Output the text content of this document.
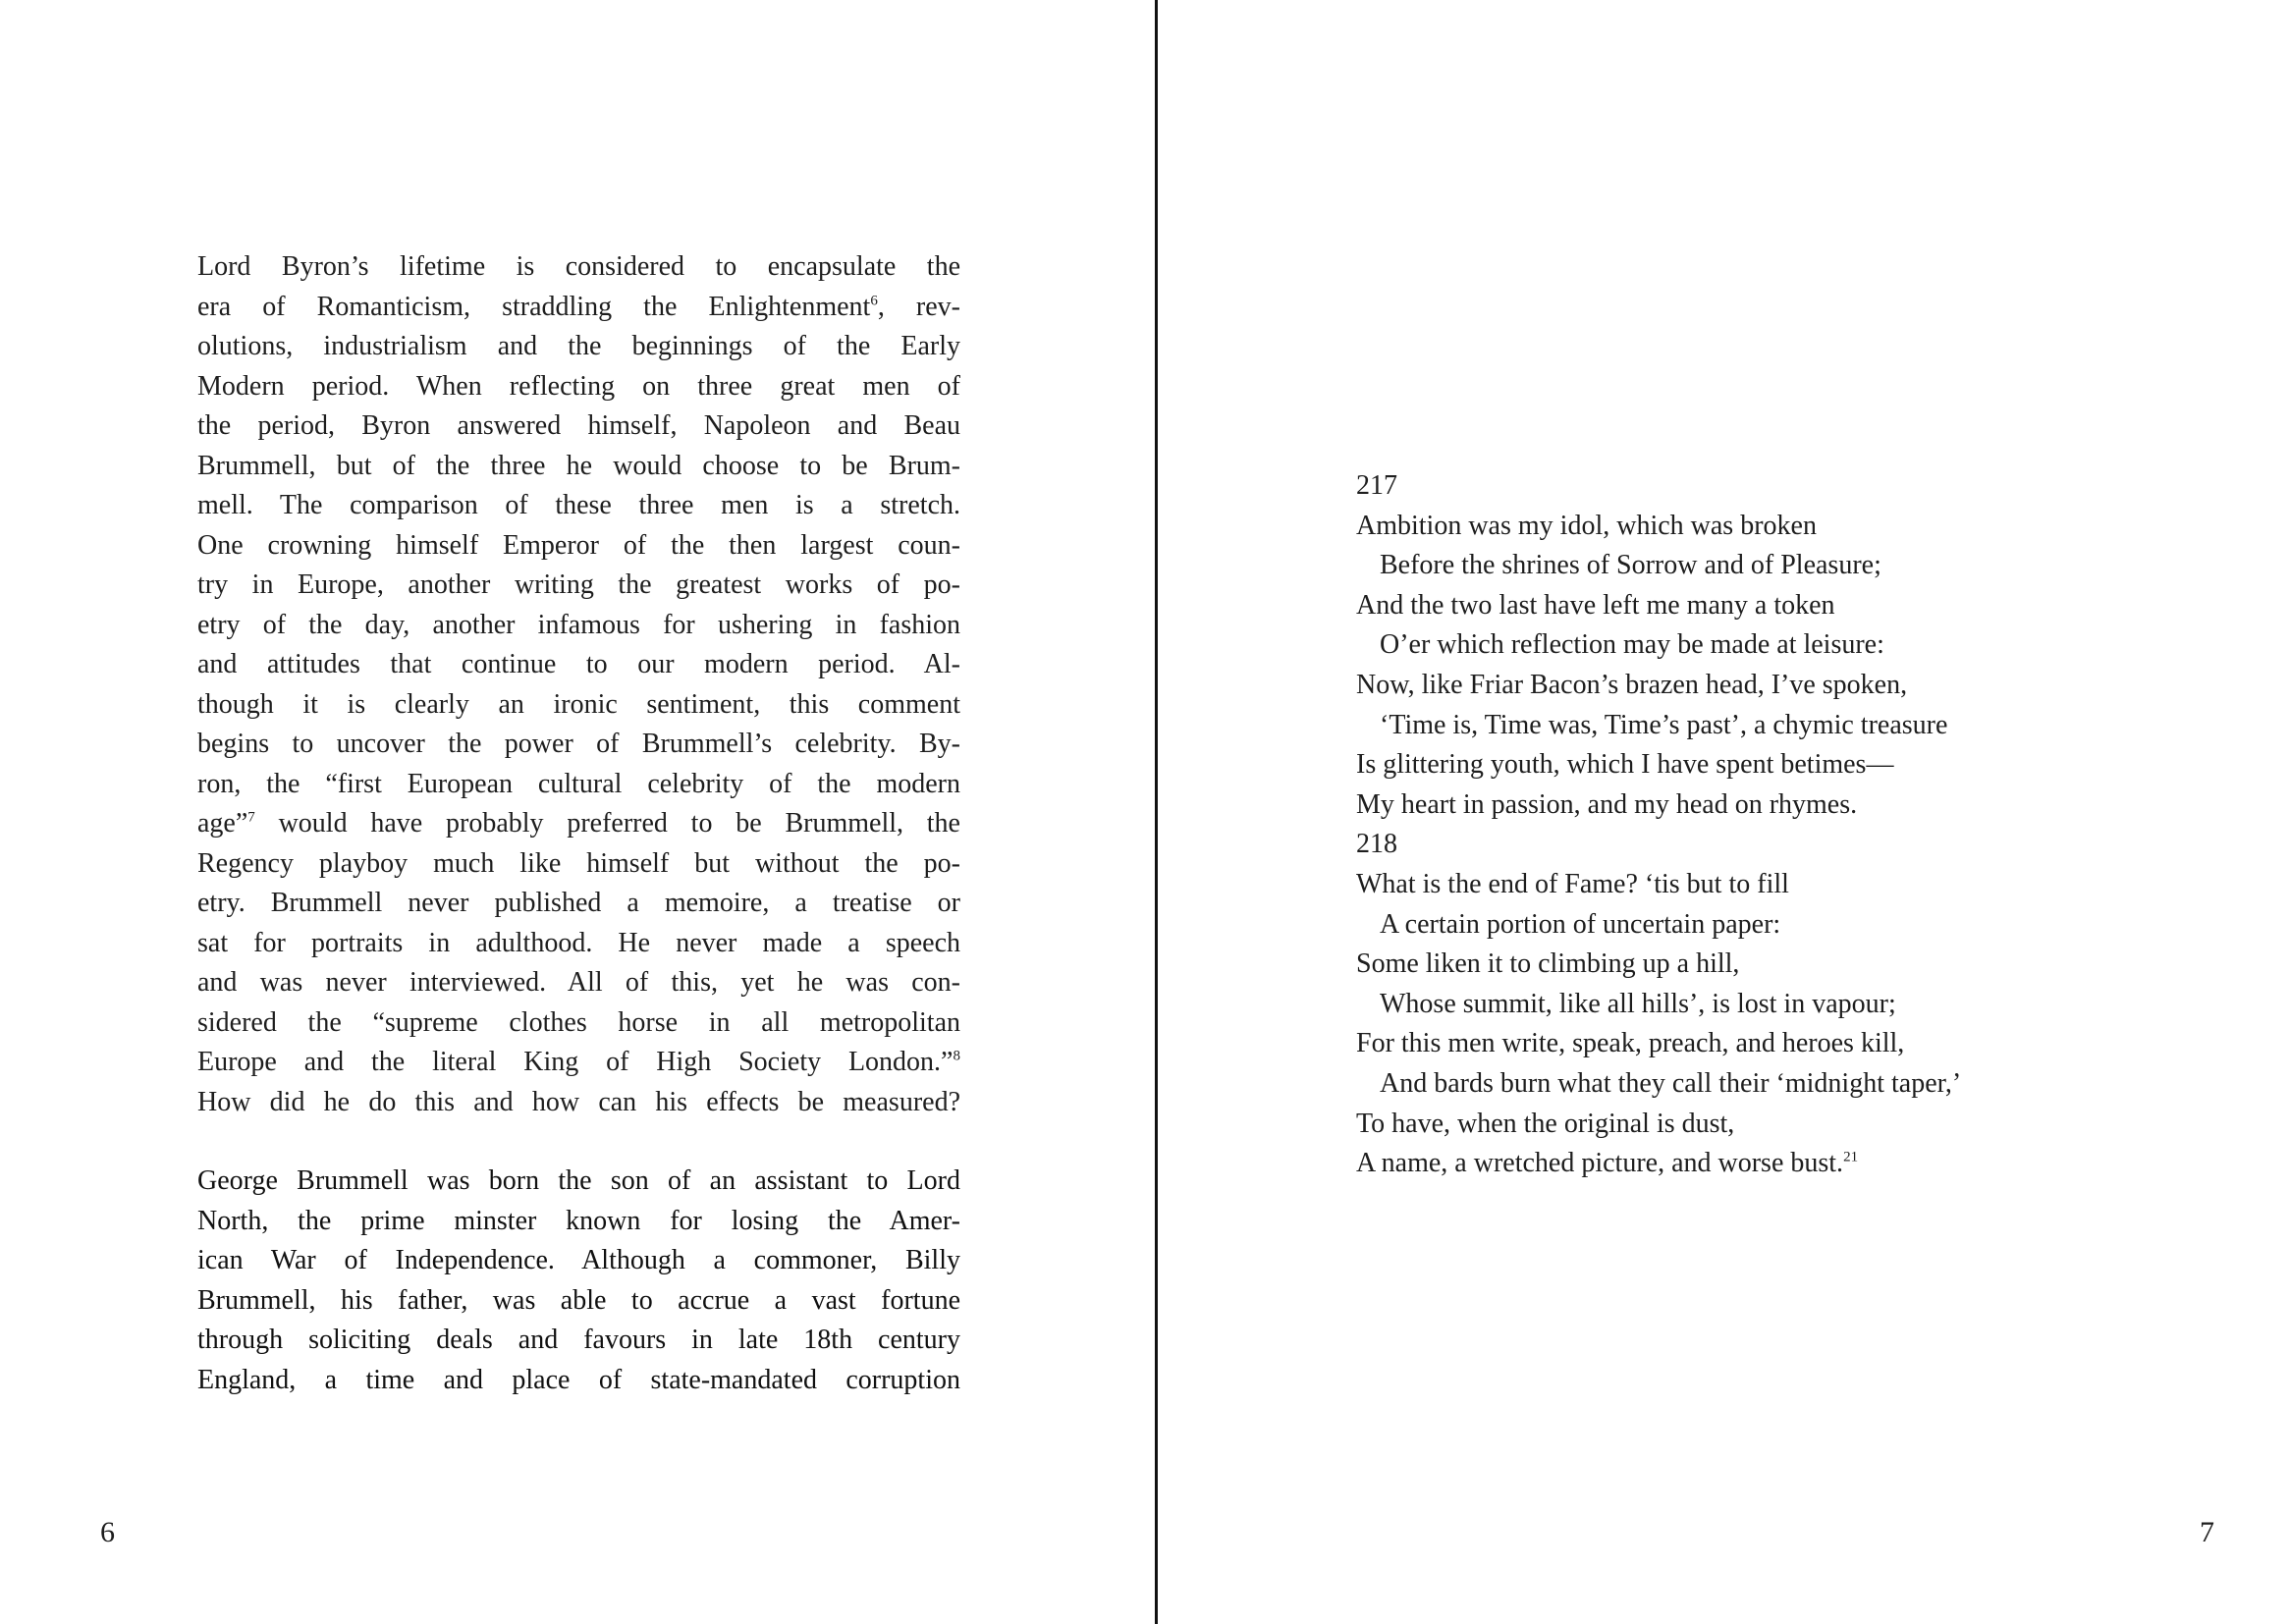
Lord Byron’s lifetime is considered to encapsulate the
era of Romanticism, straddling the Enlightenment$^6$, rev-
olutions, industrialism and the beginnings of the Early
Modern period. When reflecting on three great men of
the period, Byron answered himself, Napoleon and Beau
Brummell, but of the three he would choose to be Brum-
mell. The comparison of these three men is a stretch.
One crowning himself Emperor of the then largest coun-
try in Europe, another writing the greatest works of po-
etry of the day, another infamous for ushering in fashion
and attitudes that continue to our modern period. Al-
though it is clearly an ironic sentiment, this comment
begins to uncover the power of Brummell’s celebrity. By-
ron, the “first European cultural celebrity of the modern
age”$^7$ would have probably preferred to be Brummell, the
Regency playboy much like himself but without the po-
etry. Brummell never published a memoire, a treatise or
sat for portraits in adulthood. He never made a speech
and was never interviewed. All of this, yet he was con-
sidered the “supreme clothes horse in all metropolitan
Europe and the literal King of High Society London.”$^8$
How did he do this and how can his effects be measured?
George Brummell was born the son of an assistant to Lord
North, the prime minster known for losing the Amer-
ican War of Independence. Although a commoner, Billy
Brummell, his father, was able to accrue a vast fortune
through soliciting deals and favours in late 18th century
England, a time and place of state-mandated corruption
6
217
Ambition was my idol, which was broken
Before the shrines of Sorrow and of Pleasure;
And the two last have left me many a token
O’er which reflection may be made at leisure:
Now, like Friar Bacon’s brazen head, I’ve spoken,
‘Time is, Time was, Time’s past’, a chymic treasure
Is glittering youth, which I have spent betimes—
My heart in passion, and my head on rhymes.
218
What is the end of Fame? ‘tis but to fill
A certain portion of uncertain paper:
Some liken it to climbing up a hill,
Whose summit, like all hills’, is lost in vapour;
For this men write, speak, preach, and heroes kill,
And bards burn what they call their ‘midnight taper,’
To have, when the original is dust,
A name, a wretched picture, and worse bust.$^{21}$
7
